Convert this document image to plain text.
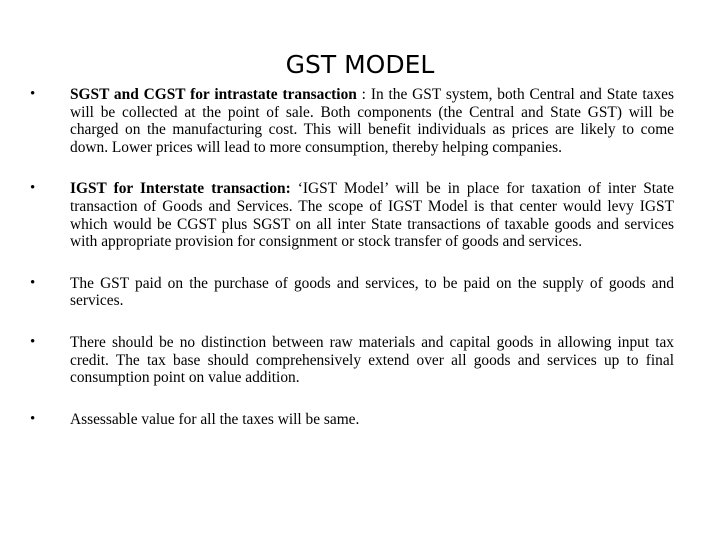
GST MODEL
•	SGST and CGST for intrastate transaction : In the GST system, both Central and State taxes will be collected at the point of sale. Both components (the Central and State GST) will be charged on the manufacturing cost. This will benefit individuals as prices are likely to come down. Lower prices will lead to more consumption, thereby helping companies.
•	IGST for Interstate transaction: ‘IGST Model’ will be in place for taxation of inter State transaction of Goods and Services. The scope of IGST Model is that center would levy IGST which would be CGST plus SGST on all inter State transactions of taxable goods and services with appropriate provision for consignment or stock transfer of goods and services.
•	The GST paid on the purchase of goods and services, to be paid on the supply of goods and services.
•	There should be no distinction between raw materials and capital goods in allowing input tax credit. The tax base should comprehensively extend over all goods and services up to final consumption point on value addition.
•	Assessable value for all the taxes will be same.
